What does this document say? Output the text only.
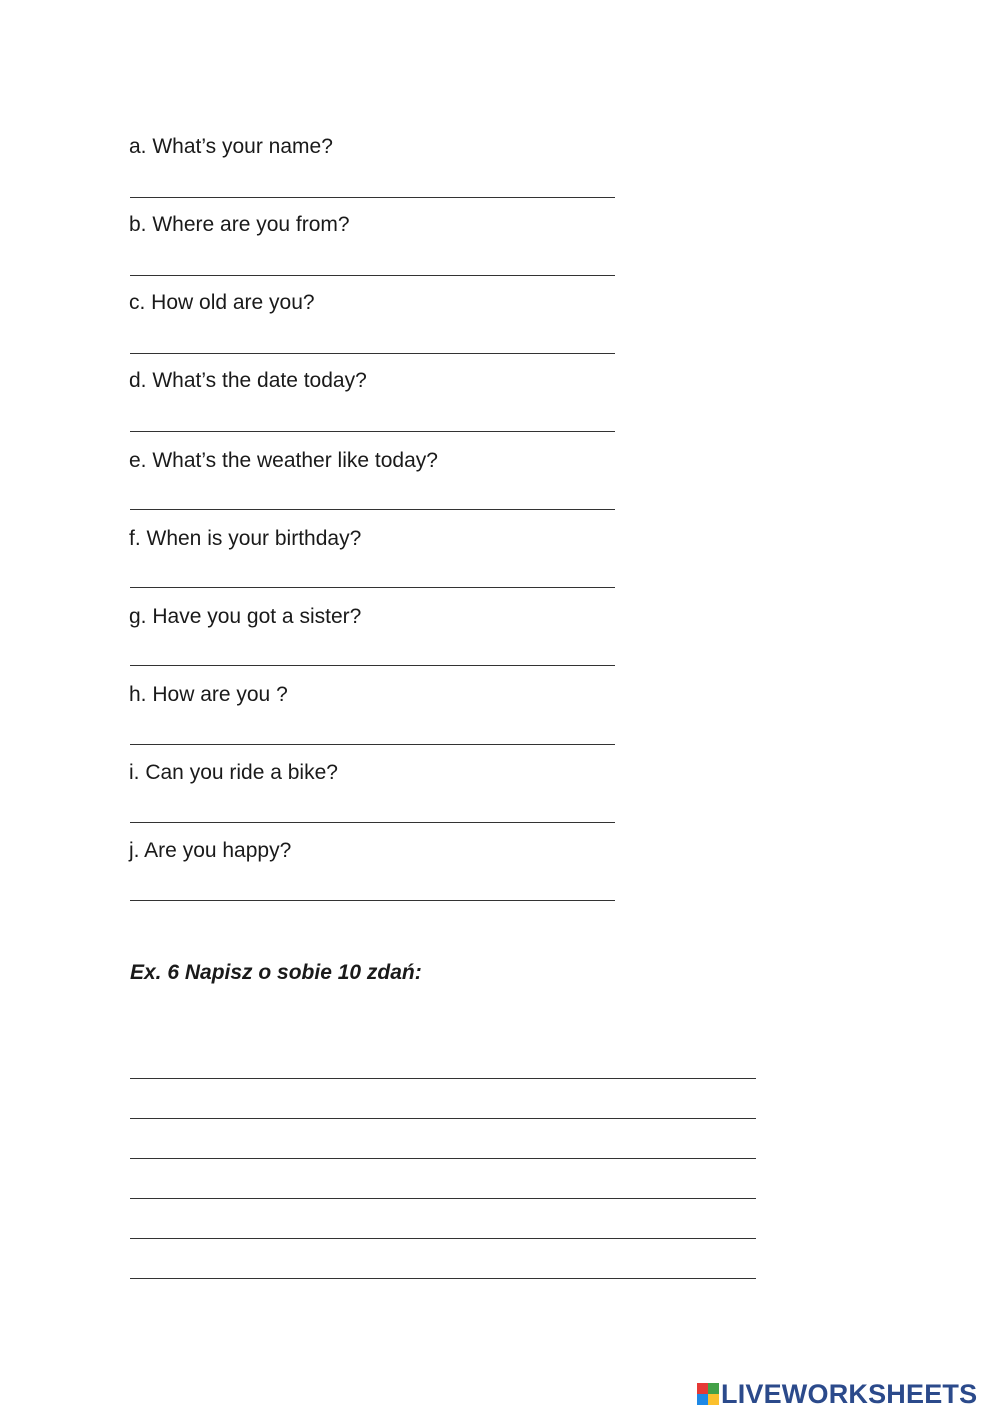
a. What’s your name?
b. Where are you from?
c. How old are you?
d. What’s the date today?
e. What’s the weather like today?
f. When is your birthday?
g. Have you got a sister?
h. How are you ?
i. Can you ride a bike?
j. Are you happy?
Ex. 6 Napisz o sobie 10 zdań:
LIVEWORKSHEETS
